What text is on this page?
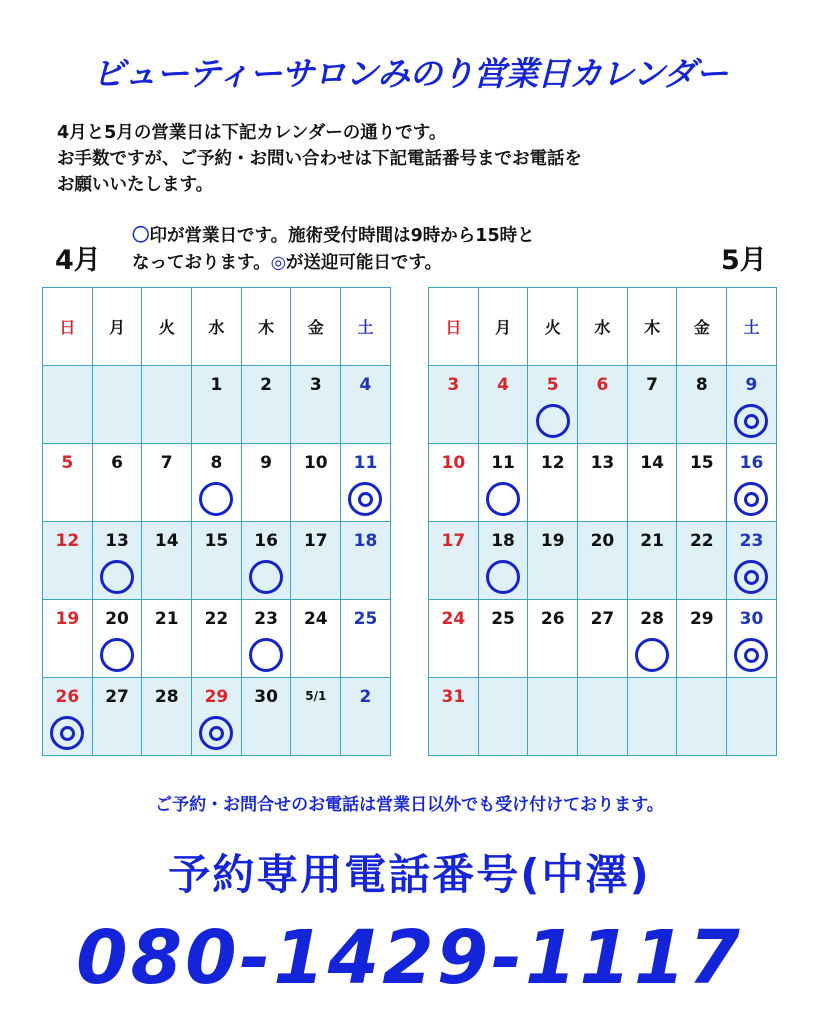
ビューティーサロンみのり営業日カレンダー
4月と5月の営業日は下記カレンダーの通りです。
お手数ですが、ご予約・お問い合わせは下記電話番号までお電話を
お願いいたします。
4月	5月
〇印が営業日です。施術受付時間は9時から15時と
なっております。◎が送迎可能日です。
日	月	火	水	木	金	土

			1	2	3	4

5	6	7	8	9	10	11

12	13	14	15	16	17	18

19	20	21	22	23	24	25

26	27	28	29	30	5/1	2
日	月	火	水	木	金	土

3	4	5	6	7	8	9

10	11	12	13	14	15	16

17	18	19	20	21	22	23

24	25	26	27	28	29	30

31						

ご予約・お問合せのお電話は営業日以外でも受け付けております。
予約専用電話番号(中澤)
080-1429-1117
